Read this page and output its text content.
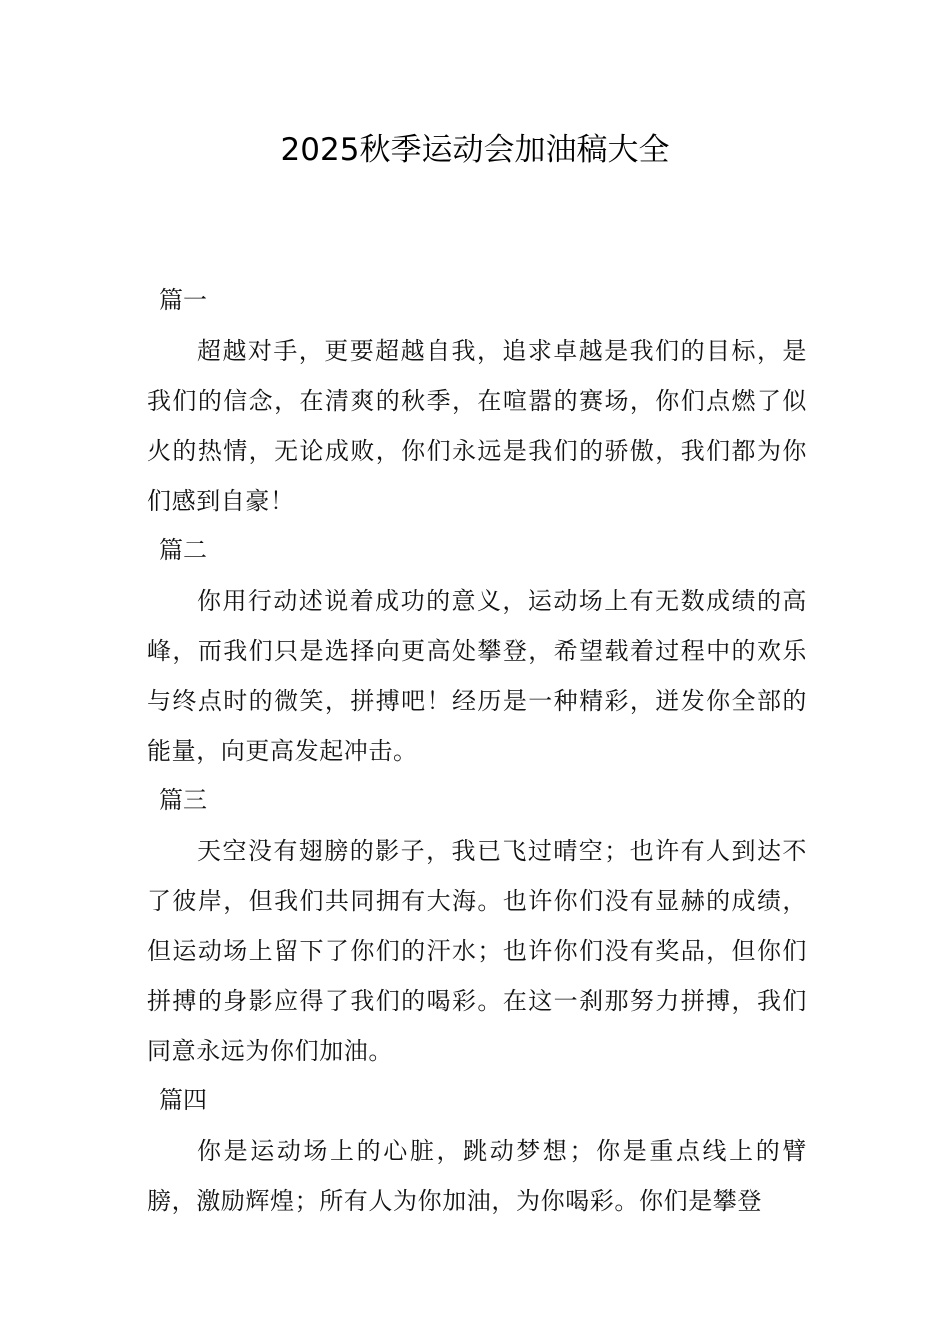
2025秋季运动会加油稿大全
篇一

超越对手，更要超越自我，追求卓越是我们的目标，是我们的信念，在清爽的秋季，在喧嚣的赛场，你们点燃了似火的热情，无论成败，你们永远是我们的骄傲，我们都为你们感到自豪！

篇二

你用行动述说着成功的意义，运动场上有无数成绩的高峰，而我们只是选择向更高处攀登，希望载着过程中的欢乐与终点时的微笑，拼搏吧！经历是一种精彩，迸发你全部的能量，向更高发起冲击。

篇三

天空没有翅膀的影子，我已飞过晴空；也许有人到达不了彼岸，但我们共同拥有大海。也许你们没有显赫的成绩，但运动场上留下了你们的汗水；也许你们没有奖品，但你们拼搏的身影应得了我们的喝彩。在这一刹那努力拼搏，我们同意永远为你们加油。

篇四

你是运动场上的心脏，跳动梦想；你是重点线上的臂膀，激励辉煌；所有人为你加油，为你喝彩。你们是攀登
